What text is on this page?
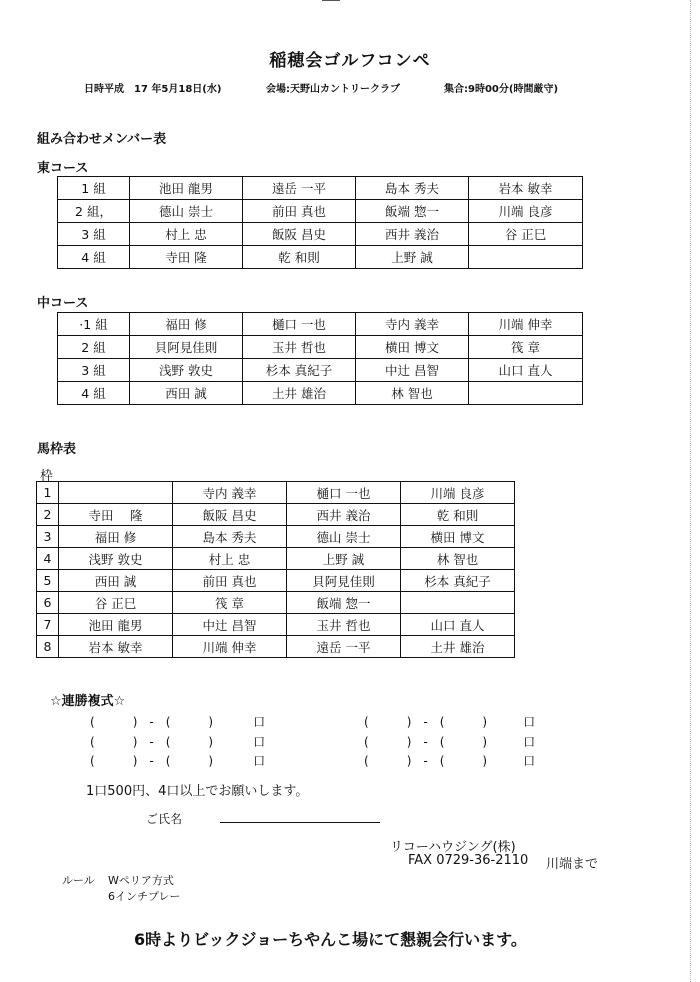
稲穂会ゴルフコンペ
日時平成　17 年5月18日(水)	会場:天野山カントリークラブ	集合:9時00分(時間厳守)
組み合わせメンバー表
東コース
1 組	池田 龍男	遠岳 一平	島本 秀夫	岩本 敏幸
2 組，	德山 崇士	前田 真也	飯端 惣一	川端 良彦
3 組	村上 忠	飯阪 昌史	西井 義治	谷 正巳
4 組	寺田 隆	乾 和則	上野 誠	
中コース
·1 組	福田 修	樋口 一也	寺内 義幸	川端 伸幸
2 組	貝阿見佳則	玉井 哲也	横田 博文	筏 章
3 組	浅野 敦史	杉本 真紀子	中辻 昌智	山口 直人
4 組	西田 誠	土井 雄治	林 智也	
馬枠表
枠
1		寺内 義幸	樋口 一也	川端 良彦
2	寺田　 隆	飯阪 昌史	西井 義治	乾 和則
3	福田 修	島本 秀夫	德山 崇士	横田 博文
4	浅野 敦史	村上 忠	上野 誠	林 智也
5	西田 誠	前田 真也	貝阿見佳則	杉本 真紀子
6	谷 正巳	筏 章	飯端 惣一	
7	池田 龍男	中辻 昌智	玉井 哲也	山口 直人
8	岩本 敏幸	川端 伸幸	遠岳 一平	土井 雄治
☆連勝複式☆
(	)　-　(	)	口
(	)　-　(	)	口
(	)　-　(	)	口
(	)　-　(	)	口
(	)　-　(	)	口
(	)　-　(	)	口
1口500円、4口以上でお願いします。
ご氏名
リコーハウジング(株)
FAX 0729-36-2110 川端まで
ルール Wペリア方式
6インチプレー
6時よりビックジョーちやんこ場にて懇親会行います。
